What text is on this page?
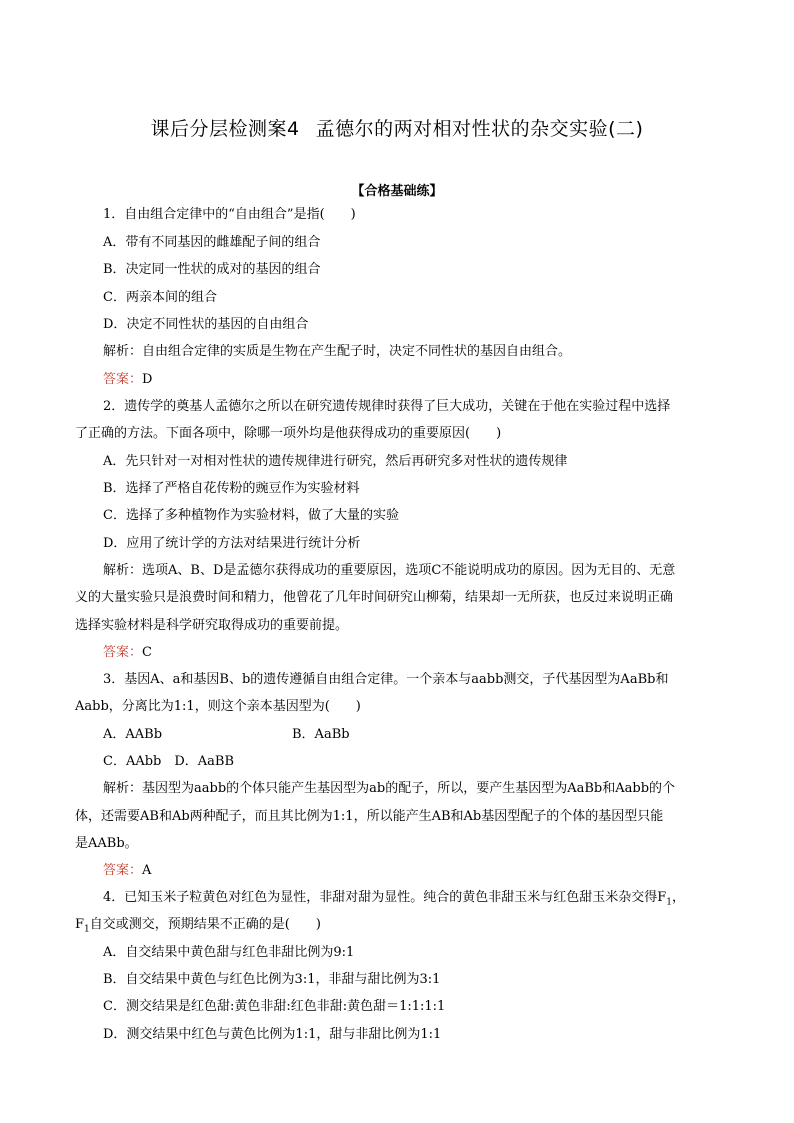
课后分层检测案4 孟德尔的两对相对性状的杂交实验(二)
【合格基础练】
1．自由组合定律中的“自由组合”是指(　　)
A．带有不同基因的雌雄配子间的组合
B．决定同一性状的成对的基因的组合
C．两亲本间的组合
D．决定不同性状的基因的自由组合
解析：自由组合定律的实质是生物在产生配子时，决定不同性状的基因自由组合。
答案：D
2．遗传学的奠基人孟德尔之所以在研究遗传规律时获得了巨大成功，关键在于他在实验过程中选择
了正确的方法。下面各项中，除哪一项外均是他获得成功的重要原因(　　)
A．先只针对一对相对性状的遗传规律进行研究，然后再研究多对性状的遗传规律
B．选择了严格自花传粉的豌豆作为实验材料
C．选择了多种植物作为实验材料，做了大量的实验
D．应用了统计学的方法对结果进行统计分析
解析：选项A、B、D是孟德尔获得成功的重要原因，选项C不能说明成功的原因。因为无目的、无意
义的大量实验只是浪费时间和精力，他曾花了几年时间研究山柳菊，结果却一无所获，也反过来说明正确
选择实验材料是科学研究取得成功的重要前提。
答案：C
3．基因A、a和基因B、b的遗传遵循自由组合定律。一个亲本与aabb测交，子代基因型为AaBb和
Aabb，分离比为1:1，则这个亲本基因型为(　　)
A．AABb	B．AaBb
C．AAbb　D．AaBB
解析：基因型为aabb的个体只能产生基因型为ab的配子，所以，要产生基因型为AaBb和Aabb的个
体，还需要AB和Ab两种配子，而且其比例为1:1，所以能产生AB和Ab基因型配子的个体的基因型只能
是AABb。
答案：A
4．已知玉米子粒黄色对红色为显性，非甜对甜为显性。纯合的黄色非甜玉米与红色甜玉米杂交得$F_1$，
$F_1$自交或测交，预期结果不正确的是(　　)
A．自交结果中黄色甜与红色非甜比例为9:1
B．自交结果中黄色与红色比例为3:1，非甜与甜比例为3:1
C．测交结果是红色甜:黄色非甜:红色非甜:黄色甜＝1:1:1:1
D．测交结果中红色与黄色比例为1:1，甜与非甜比例为1:1
